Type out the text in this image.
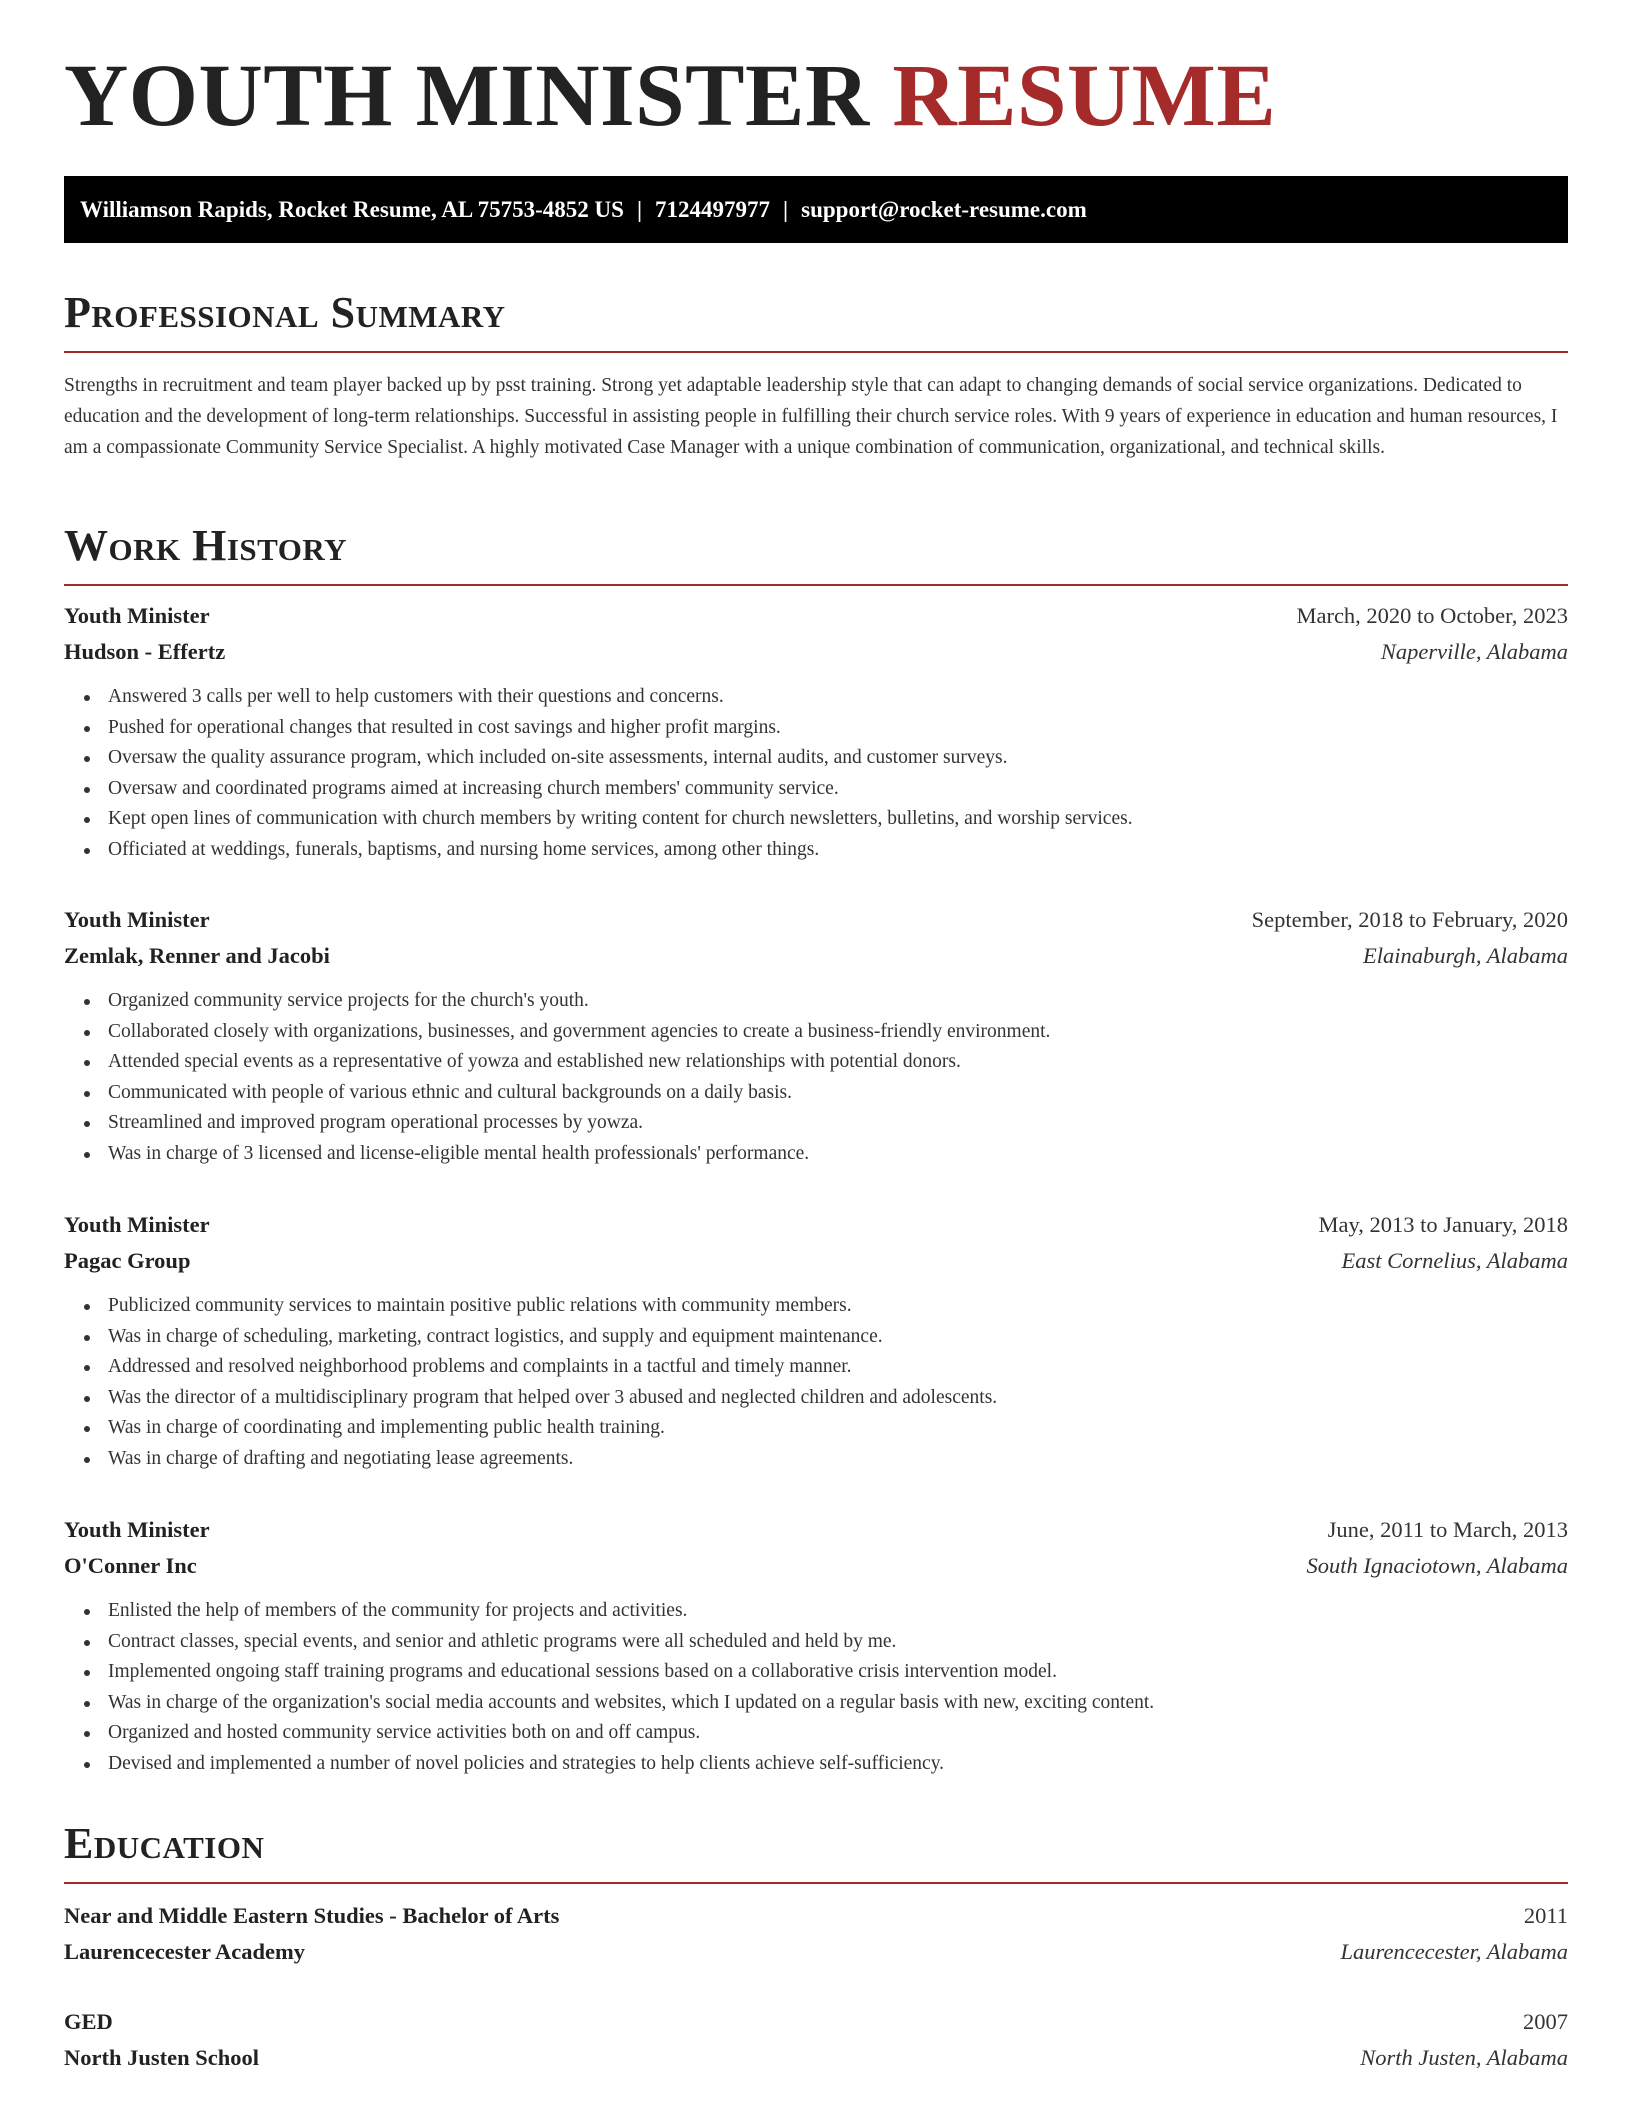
YOUTH MINISTER RESUME
Williamson Rapids, Rocket Resume, AL 75753-4852 US | 7124497977 | support@rocket-resume.com
Professional Summary

Strengths in recruitment and team player backed up by psst training. Strong yet adaptable leadership style that can adapt to changing demands of social service organizations. Dedicated to education and the development of long-term relationships. Successful in assisting people in fulfilling their church service roles. With 9 years of experience in education and human resources, I am a compassionate Community Service Specialist. A highly motivated Case Manager with a unique combination of communication, organizational, and technical skills.

Work History
Youth Minister	March, 2020 to October, 2023
Hudson - Effertz	Naperville, Alabama
Answered 3 calls per well to help customers with their questions and concerns.
Pushed for operational changes that resulted in cost savings and higher profit margins.
Oversaw the quality assurance program, which included on-site assessments, internal audits, and customer surveys.
Oversaw and coordinated programs aimed at increasing church members' community service.
Kept open lines of communication with church members by writing content for church newsletters, bulletins, and worship services.
Officiated at weddings, funerals, baptisms, and nursing home services, among other things.
Youth Minister	September, 2018 to February, 2020
Zemlak, Renner and Jacobi	Elainaburgh, Alabama
Organized community service projects for the church's youth.
Collaborated closely with organizations, businesses, and government agencies to create a business-friendly environment.
Attended special events as a representative of yowza and established new relationships with potential donors.
Communicated with people of various ethnic and cultural backgrounds on a daily basis.
Streamlined and improved program operational processes by yowza.
Was in charge of 3 licensed and license-eligible mental health professionals' performance.
Youth Minister	May, 2013 to January, 2018
Pagac Group	East Cornelius, Alabama
Publicized community services to maintain positive public relations with community members.
Was in charge of scheduling, marketing, contract logistics, and supply and equipment maintenance.
Addressed and resolved neighborhood problems and complaints in a tactful and timely manner.
Was the director of a multidisciplinary program that helped over 3 abused and neglected children and adolescents.
Was in charge of coordinating and implementing public health training.
Was in charge of drafting and negotiating lease agreements.
Youth Minister	June, 2011 to March, 2013
O'Conner Inc	South Ignaciotown, Alabama
Enlisted the help of members of the community for projects and activities.
Contract classes, special events, and senior and athletic programs were all scheduled and held by me.
Implemented ongoing staff training programs and educational sessions based on a collaborative crisis intervention model.
Was in charge of the organization's social media accounts and websites, which I updated on a regular basis with new, exciting content.
Organized and hosted community service activities both on and off campus.
Devised and implemented a number of novel policies and strategies to help clients achieve self-sufficiency.
Education
Near and Middle Eastern Studies - Bachelor of Arts	2011
Laurencecester Academy	Laurencecester, Alabama
GED	2007
North Justen School	North Justen, Alabama
